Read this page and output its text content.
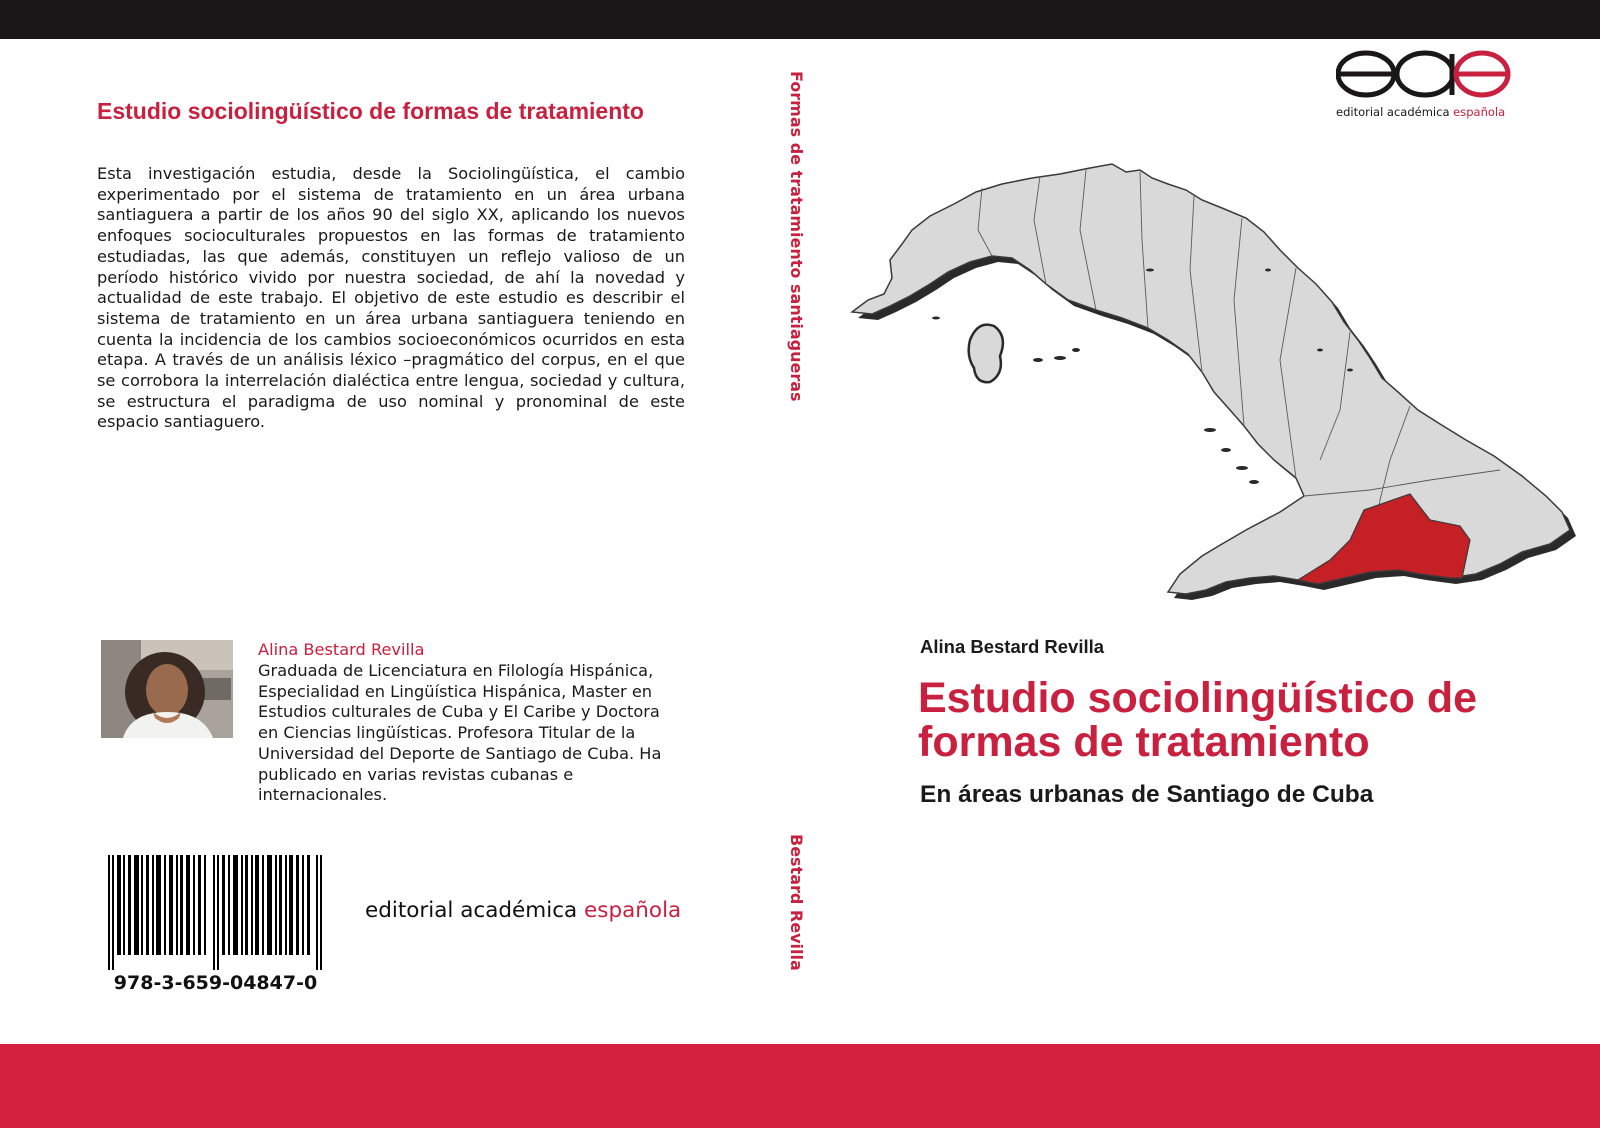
Estudio sociolingüístico de formas de tratamiento

Esta investigación estudia, desde la Sociolingüística, el cambio experimentado por el sistema de tratamiento en un área urbana santiaguera a partir de los años 90 del siglo XX, aplicando los nuevos enfoques socioculturales propuestos en las formas de tratamiento estudiadas, las que además, constituyen un reflejo valioso de un período histórico vivido por nuestra sociedad, de ahí la novedad y actualidad de este trabajo. El objetivo de este estudio es describir el sistema de tratamiento en un área urbana santiaguera teniendo en cuenta la incidencia de los cambios socioeconómicos ocurridos en esta etapa. A través de un análisis léxico –pragmático del corpus, en el que se corrobora la interrelación dialéctica entre lengua, sociedad y cultura, se estructura el paradigma de uso nominal y pronominal de este espacio santiaguero.

Alina Bestard Revilla

Graduada de Licenciatura en Filología Hispánica, Especialidad en Lingüística Hispánica, Master en Estudios culturales de Cuba y El Caribe y Doctora en Ciencias lingüísticas. Profesora Titular de la Universidad del Deporte de Santiago de Cuba. Ha publicado en varias revistas cubanas e internacionales.

978-3-659-04847-0
editorial académica española
Formas de tratamiento santiagueras
Bestard Revilla
editorial académica española

Alina Bestard Revilla

Estudio sociolingüístico de formas de tratamiento

En áreas urbanas de Santiago de Cuba
